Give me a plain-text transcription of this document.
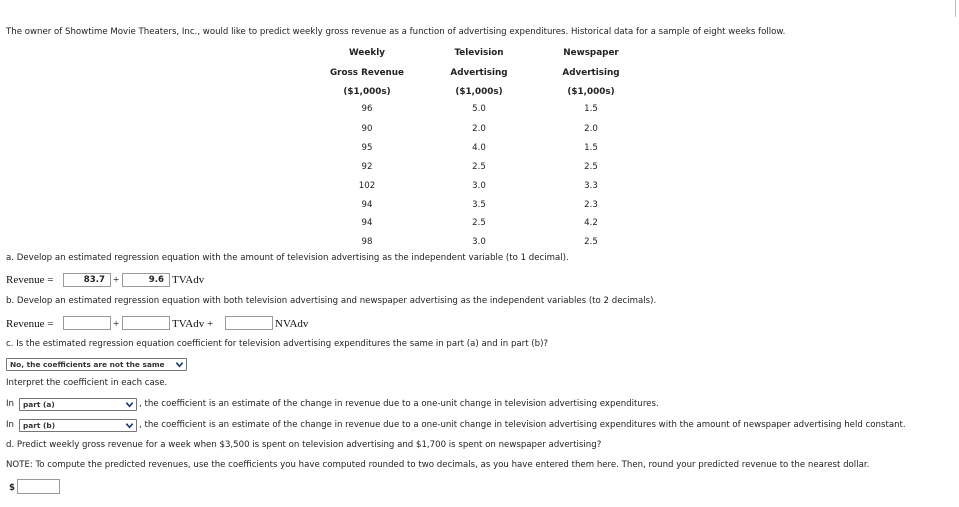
The owner of Showtime Movie Theaters, Inc., would like to predict weekly gross revenue as a function of advertising expenditures. Historical data for a sample of eight weeks follow.
Weekly
Gross Revenue
($1,000s)
Television
Advertising
($1,000s)
Newspaper
Advertising
($1,000s)
96	5.0	1.5
90	2.0	2.0
95	4.0	1.5
92	2.5	2.5
102	3.0	3.3
94	3.5	2.3
94	2.5	4.2
98	3.0	2.5
a. Develop an estimated regression equation with the amount of television advertising as the independent variable (to 1 decimal).
Revenue =	83.7 +	9.6 TVAdv
b. Develop an estimated regression equation with both television advertising and newspaper advertising as the independent variables (to 2 decimals).
Revenue =	+	TVAdv +	NVAdv
c. Is the estimated regression equation coefficient for television advertising expenditures the same in part (a) and in part (b)?
No, the coefficients are not the same
Interpret the coefficient in each case.
In	part (a)	, the coefficient is an estimate of the change in revenue due to a one-unit change in television advertising expenditures.
In	part (b)	, the coefficient is an estimate of the change in revenue due to a one-unit change in television advertising expenditures with the amount of newspaper advertising held constant.
d. Predict weekly gross revenue for a week when $3,500 is spent on television advertising and $1,700 is spent on newspaper advertising?
NOTE: To compute the predicted revenues, use the coefficients you have computed rounded to two decimals, as you have entered them here. Then, round your predicted revenue to the nearest dollar.
$
